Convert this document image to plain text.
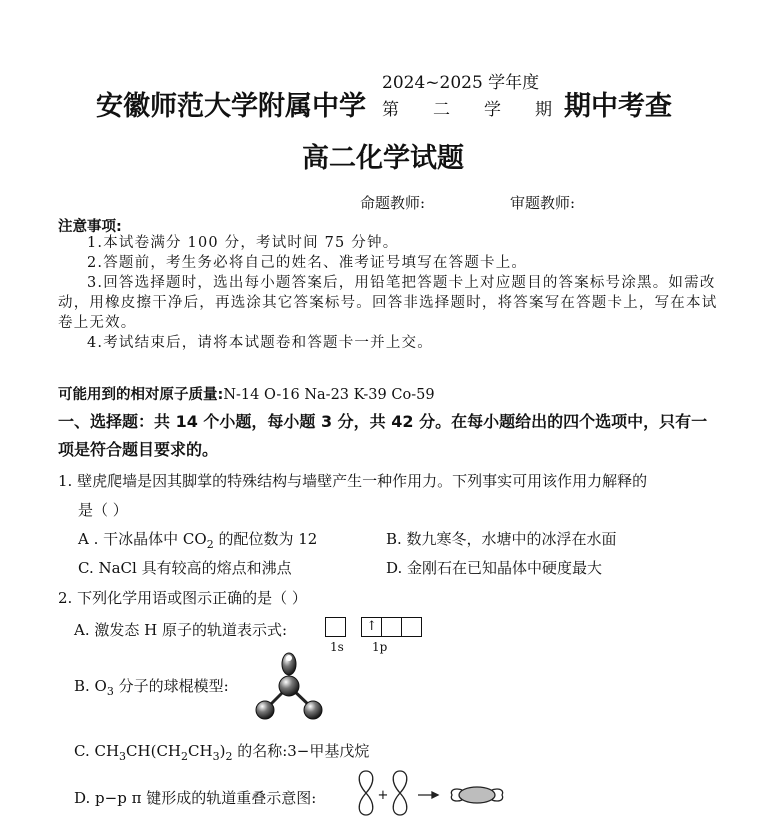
安徽师范大学附属中学
2024~2025 学年度
第 二 学 期 期中考查
高二化学试题
命题教师:	审题教师:
注意事项:

1.本试卷满分 100 分，考试时间 75 分钟。

2.答题前，考生务必将自己的姓名、准考证号填写在答题卡上。

3.回答选择题时，选出每小题答案后，用铅笔把答题卡上对应题目的答案标号涂黑。如需改动，用橡皮擦干净后，再选涂其它答案标号。回答非选择题时，将答案写在答题卡上，写在本试卷上无效。

4.考试结束后，请将本试题卷和答题卡一并上交。

可能用到的相对原子质量:N-14 O-16 Na-23 K-39 Co-59
一、选择题：共 14 个小题，每小题 3 分，共 42 分。在每小题给出的四个选项中，只有一项是符合题目要求的。
1. 壁虎爬墙是因其脚掌的特殊结构与墙壁产生一种作用力。下列事实可用该作用力解释的
是（ ）
A . 干冰晶体中 $CO_2$ 的配位数为 12	B. 数九寒冬，水塘中的冰浮在水面
C. NaCl 具有较高的熔点和沸点	D. 金刚石在已知晶体中硬度最大
2. 下列化学用语或图示正确的是（ ）
A. 激发态 H 原子的轨道表示式:	↑
1s 1p
B. $O_3$ 分子的球棍模型:
C. $CH_3CH(CH_2CH_3)_2$ 的名称:3−甲基戊烷
D. p−p π 键形成的轨道重叠示意图:	+
